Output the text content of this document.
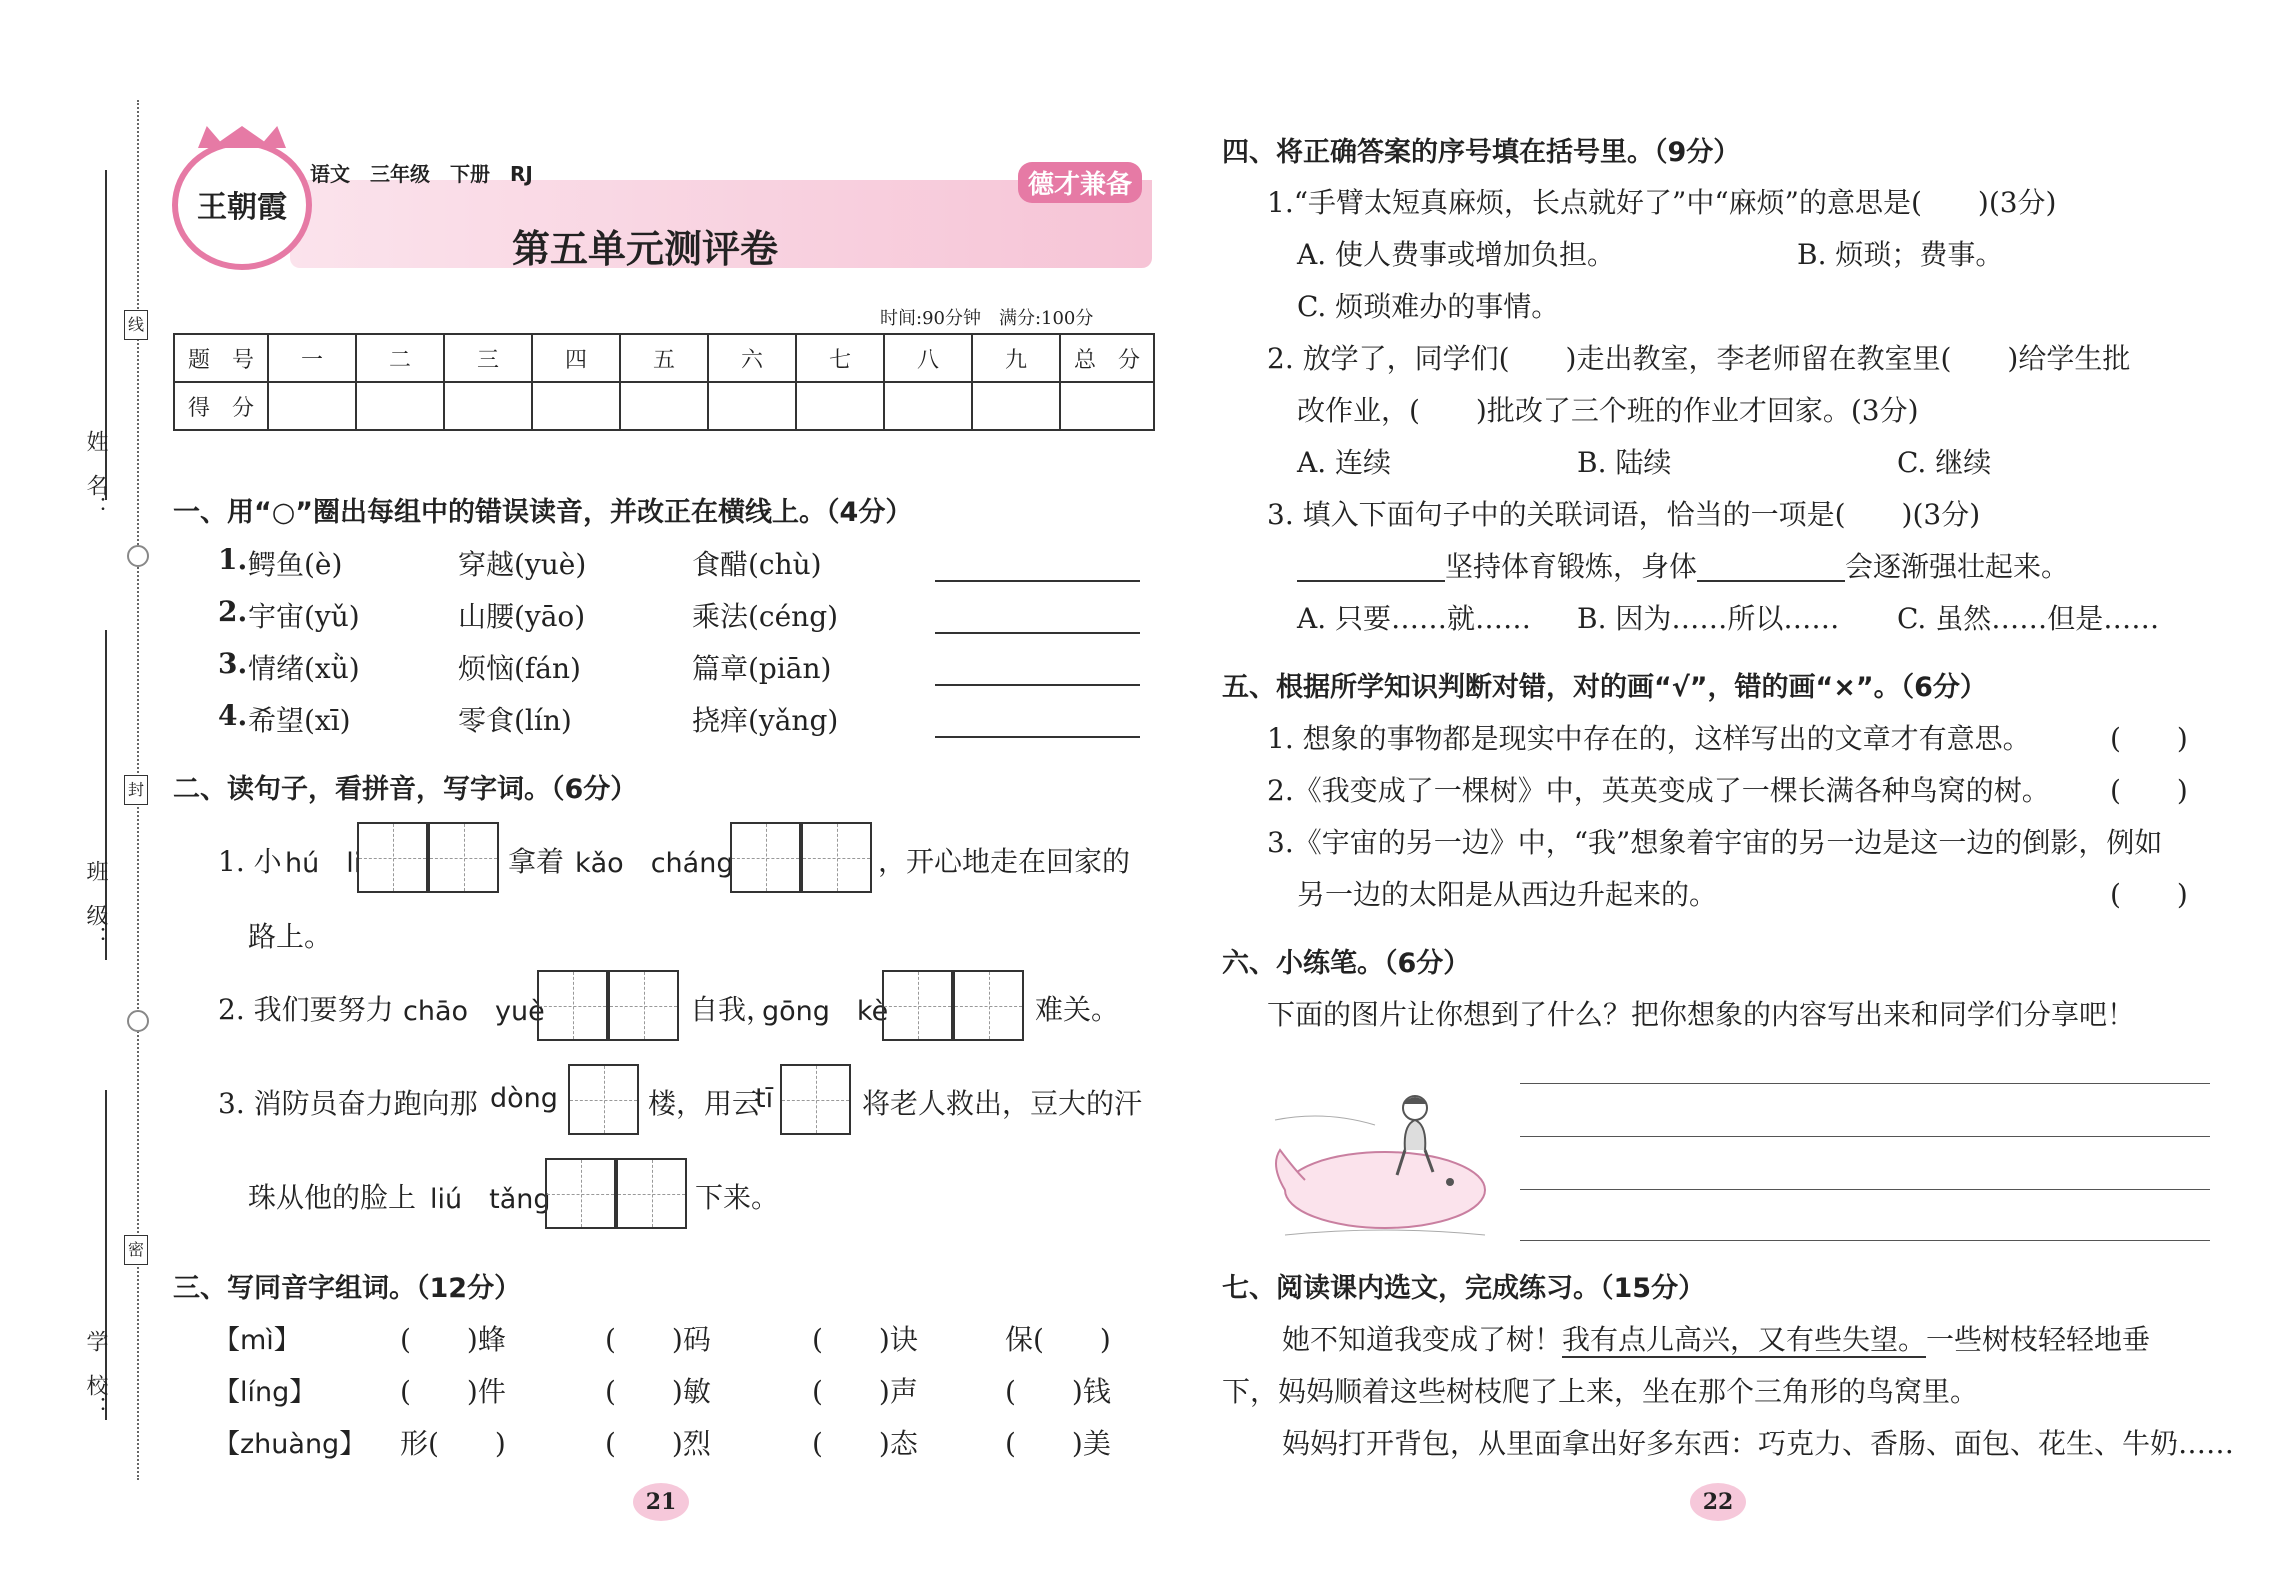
姓　名：
班　级：
学　校：
线
封
密
王朝霞
语文　三年级　下册　RJ	德才兼备
第五单元测评卷
时间:90分钟　满分:100分
题　号	一	二	三	四	五	六	七	八	九	总　分
得　分										
一、用“○”圈出每组中的错误读音，并改正在横线上。（4分）
1. 鳄鱼(è)	穿越(yuè)	食醋(chù)
2. 宇宙(yǔ)	山腰(yāo)	乘法(céng)
3. 情绪(xǜ)	烦恼(fán)	篇章(piān)
4. 希望(xī)	零食(lín)	挠痒(yǎng)
二、读句子，看拼音，写字词。（6分）
1. 小 hú　li	拿着 kǎo　cháng	，开心地走在回家的
路上。
2. 我们要努力 chāo　yuè	自我，
gōng　kè	难关。
3. 消防员奋力跑向那 dòng	楼，用云
tī	将老人救出，豆大的汗
珠从他的脸上 liú　tǎng	下来。
三、写同音字组词。（12分）
【mì】	(　　)蜂	(　　)码	(　　)诀	保(　　)
【líng】	(　　)件	(　　)敏	(　　)声	(　　)钱
【zhuàng】 形(　　)	(　　)烈	(　　)态	(　　)美
21
四、将正确答案的序号填在括号里。（9分）
1.“手臂太短真麻烦，长点就好了”中“麻烦”的意思是(　　)(3分)
A. 使人费事或增加负担。	B. 烦琐；费事。
C. 烦琐难办的事情。
2. 放学了，同学们(　　)走出教室，李老师留在教室里(　　)给学生批
改作业，(　　)批改了三个班的作业才回家。(3分)
A. 连续	B. 陆续	C. 继续
3. 填入下面句子中的关联词语，恰当的一项是(　　)(3分)
坚持体育锻炼，身体	会逐渐强壮起来。
A. 只要……就…… B. 因为……所以…… C. 虽然……但是……
五、根据所学知识判断对错，对的画“√”，错的画“×”。（6分）
1. 想象的事物都是现实中存在的，这样写出的文章才有意思。	(　　)
2.《我变成了一棵树》中，英英变成了一棵长满各种鸟窝的树。 (　　)
3.《宇宙的另一边》中，“我”想象着宇宙的另一边是这一边的倒影，例如
另一边的太阳是从西边升起来的。	(　　)
六、小练笔。（6分）
下面的图片让你想到了什么？把你想象的内容写出来和同学们分享吧！
七、阅读课内选文，完成练习。（15分）
她不知道我变成了树！我有点儿高兴，又有些失望。一些树枝轻轻地垂
下，妈妈顺着这些树枝爬了上来，坐在那个三角形的鸟窝里。
妈妈打开背包，从里面拿出好多东西：巧克力、香肠、面包、花生、牛奶……
22
